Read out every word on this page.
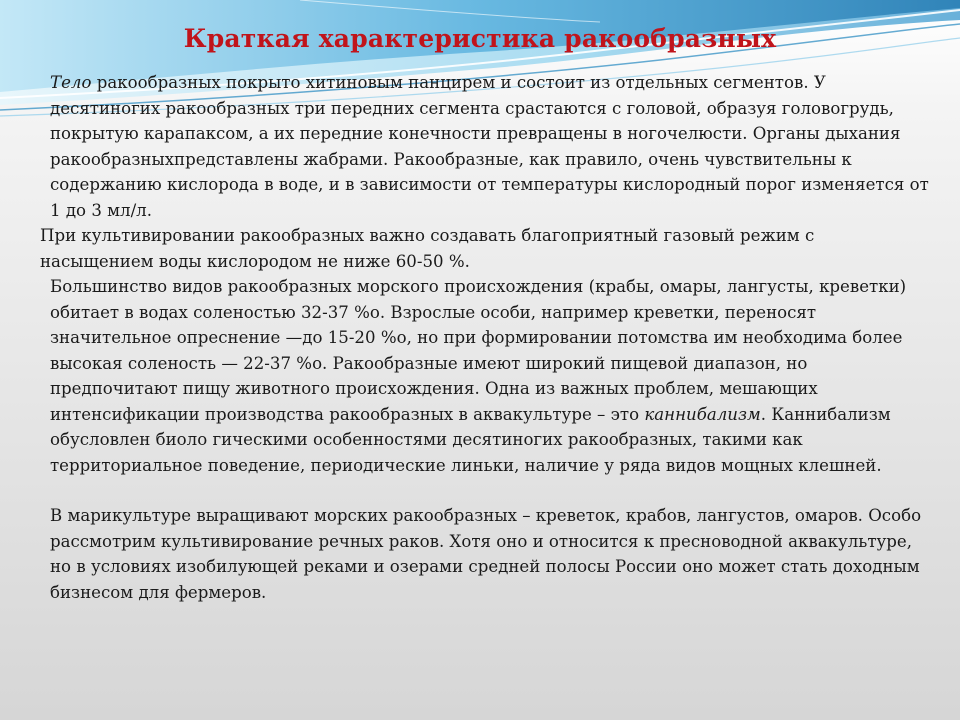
Краткая характеристика ракообразных

Тело ракообразных покрыто хитиновым панцирем и состоит из отдельных сегментов. У десятиногих ракообразных три передних сегмента срастаются с головой, образуя головогрудь, покрытую карапаксом, а их передние конечности превращены в ногочелюсти. Органы дыхания ракообразныхпредставлены жабрами. Ракообразные, как правило, очень чувствительны к содержанию кислорода в воде, и в зависимости от температуры кислородный порог изменяется от 1 до 3 мл/л.

При культивировании ракообразных важно создавать благоприятный газовый режим с насыщением воды кислородом не ниже 60-50 %.

Большинство видов ракообразных морского происхождения (крабы, омары, лангусты, креветки) обитает в водах соленостью 32-37 %о. Взрослые особи, например креветки, переносят значительное опреснение —до 15-20 %о, но при формировании потомства им необходима более высокая соленость — 22-37 %о. Ракообразные имеют широкий пищевой диапазон, но предпочитают пищу животного происхождения. Одна из важных проблем, мешающих интенсификации производства ракообразных в аквакультуре – это каннибализм. Каннибализм обусловлен биоло гическими особенностями десятиногих ракообразных, такими как территориальное поведение, периодические линьки, наличие у ряда видов мощных клешней.

В марикультуре выращивают морских ракообразных – креветок, крабов, лангустов, омаров. Особо рассмотрим культивирование речных раков. Хотя оно и относится к пресноводной аквакультуре, но в условиях изобилующей реками и озерами средней полосы России оно может стать доходным бизнесом для фермеров.
